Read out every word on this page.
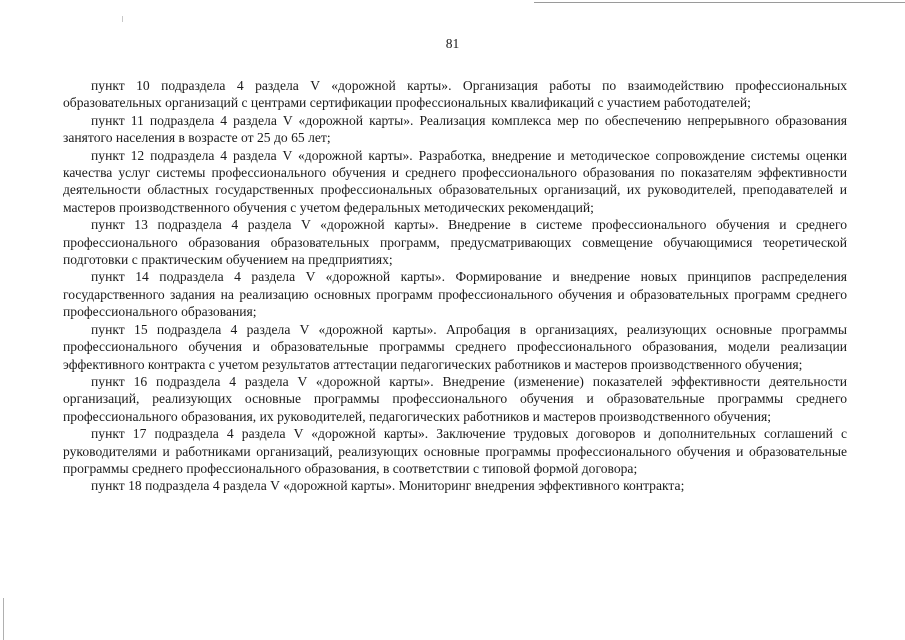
81

пункт 10 подраздела 4 раздела V «дорожной карты». Организация работы по взаимодействию профессиональных образовательных организаций с центрами сертификации профессиональных квалификаций с участием работодателей;

пункт 11 подраздела 4 раздела V «дорожной карты». Реализация комплекса мер по обеспечению непрерывного образования занятого населения в возрасте от 25 до 65 лет;

пункт 12 подраздела 4 раздела V «дорожной карты». Разработка, внедрение и методическое сопровождение системы оценки качества услуг системы профессионального обучения и среднего профессионального образования по показателям эффективности деятельности областных государственных профессиональных образовательных организаций, их руководителей, преподавателей и мастеров производственного обучения с учетом федеральных методических рекомендаций;

пункт 13 подраздела 4 раздела V «дорожной карты». Внедрение в системе профессионального обучения и среднего профессионального образования образовательных программ, предусматривающих совмещение обучающимися теоретической подготовки с практическим обучением на предприятиях;

пункт 14 подраздела 4 раздела V «дорожной карты». Формирование и внедрение новых принципов распределения государственного задания на реализацию основных программ профессионального обучения и образовательных программ среднего профессионального образования;

пункт 15 подраздела 4 раздела V «дорожной карты». Апробация в организациях, реализующих основные программы профессионального обучения и образовательные программы среднего профессионального образования, модели реализации эффективного контракта с учетом результатов аттестации педагогических работников и мастеров производственного обучения;

пункт 16 подраздела 4 раздела V «дорожной карты». Внедрение (изменение) показателей эффективности деятельности организаций, реализующих основные программы профессионального обучения и образовательные программы среднего профессионального образования, их руководителей, педагогических работников и мастеров производственного обучения;

пункт 17 подраздела 4 раздела V «дорожной карты». Заключение трудовых договоров и дополнительных соглашений с руководителями и работниками организаций, реализующих основные программы профессионального обучения и образовательные программы среднего профессионального образования, в соответствии с типовой формой договора;

пункт 18 подраздела 4 раздела V «дорожной карты». Мониторинг внедрения эффективного контракта;
